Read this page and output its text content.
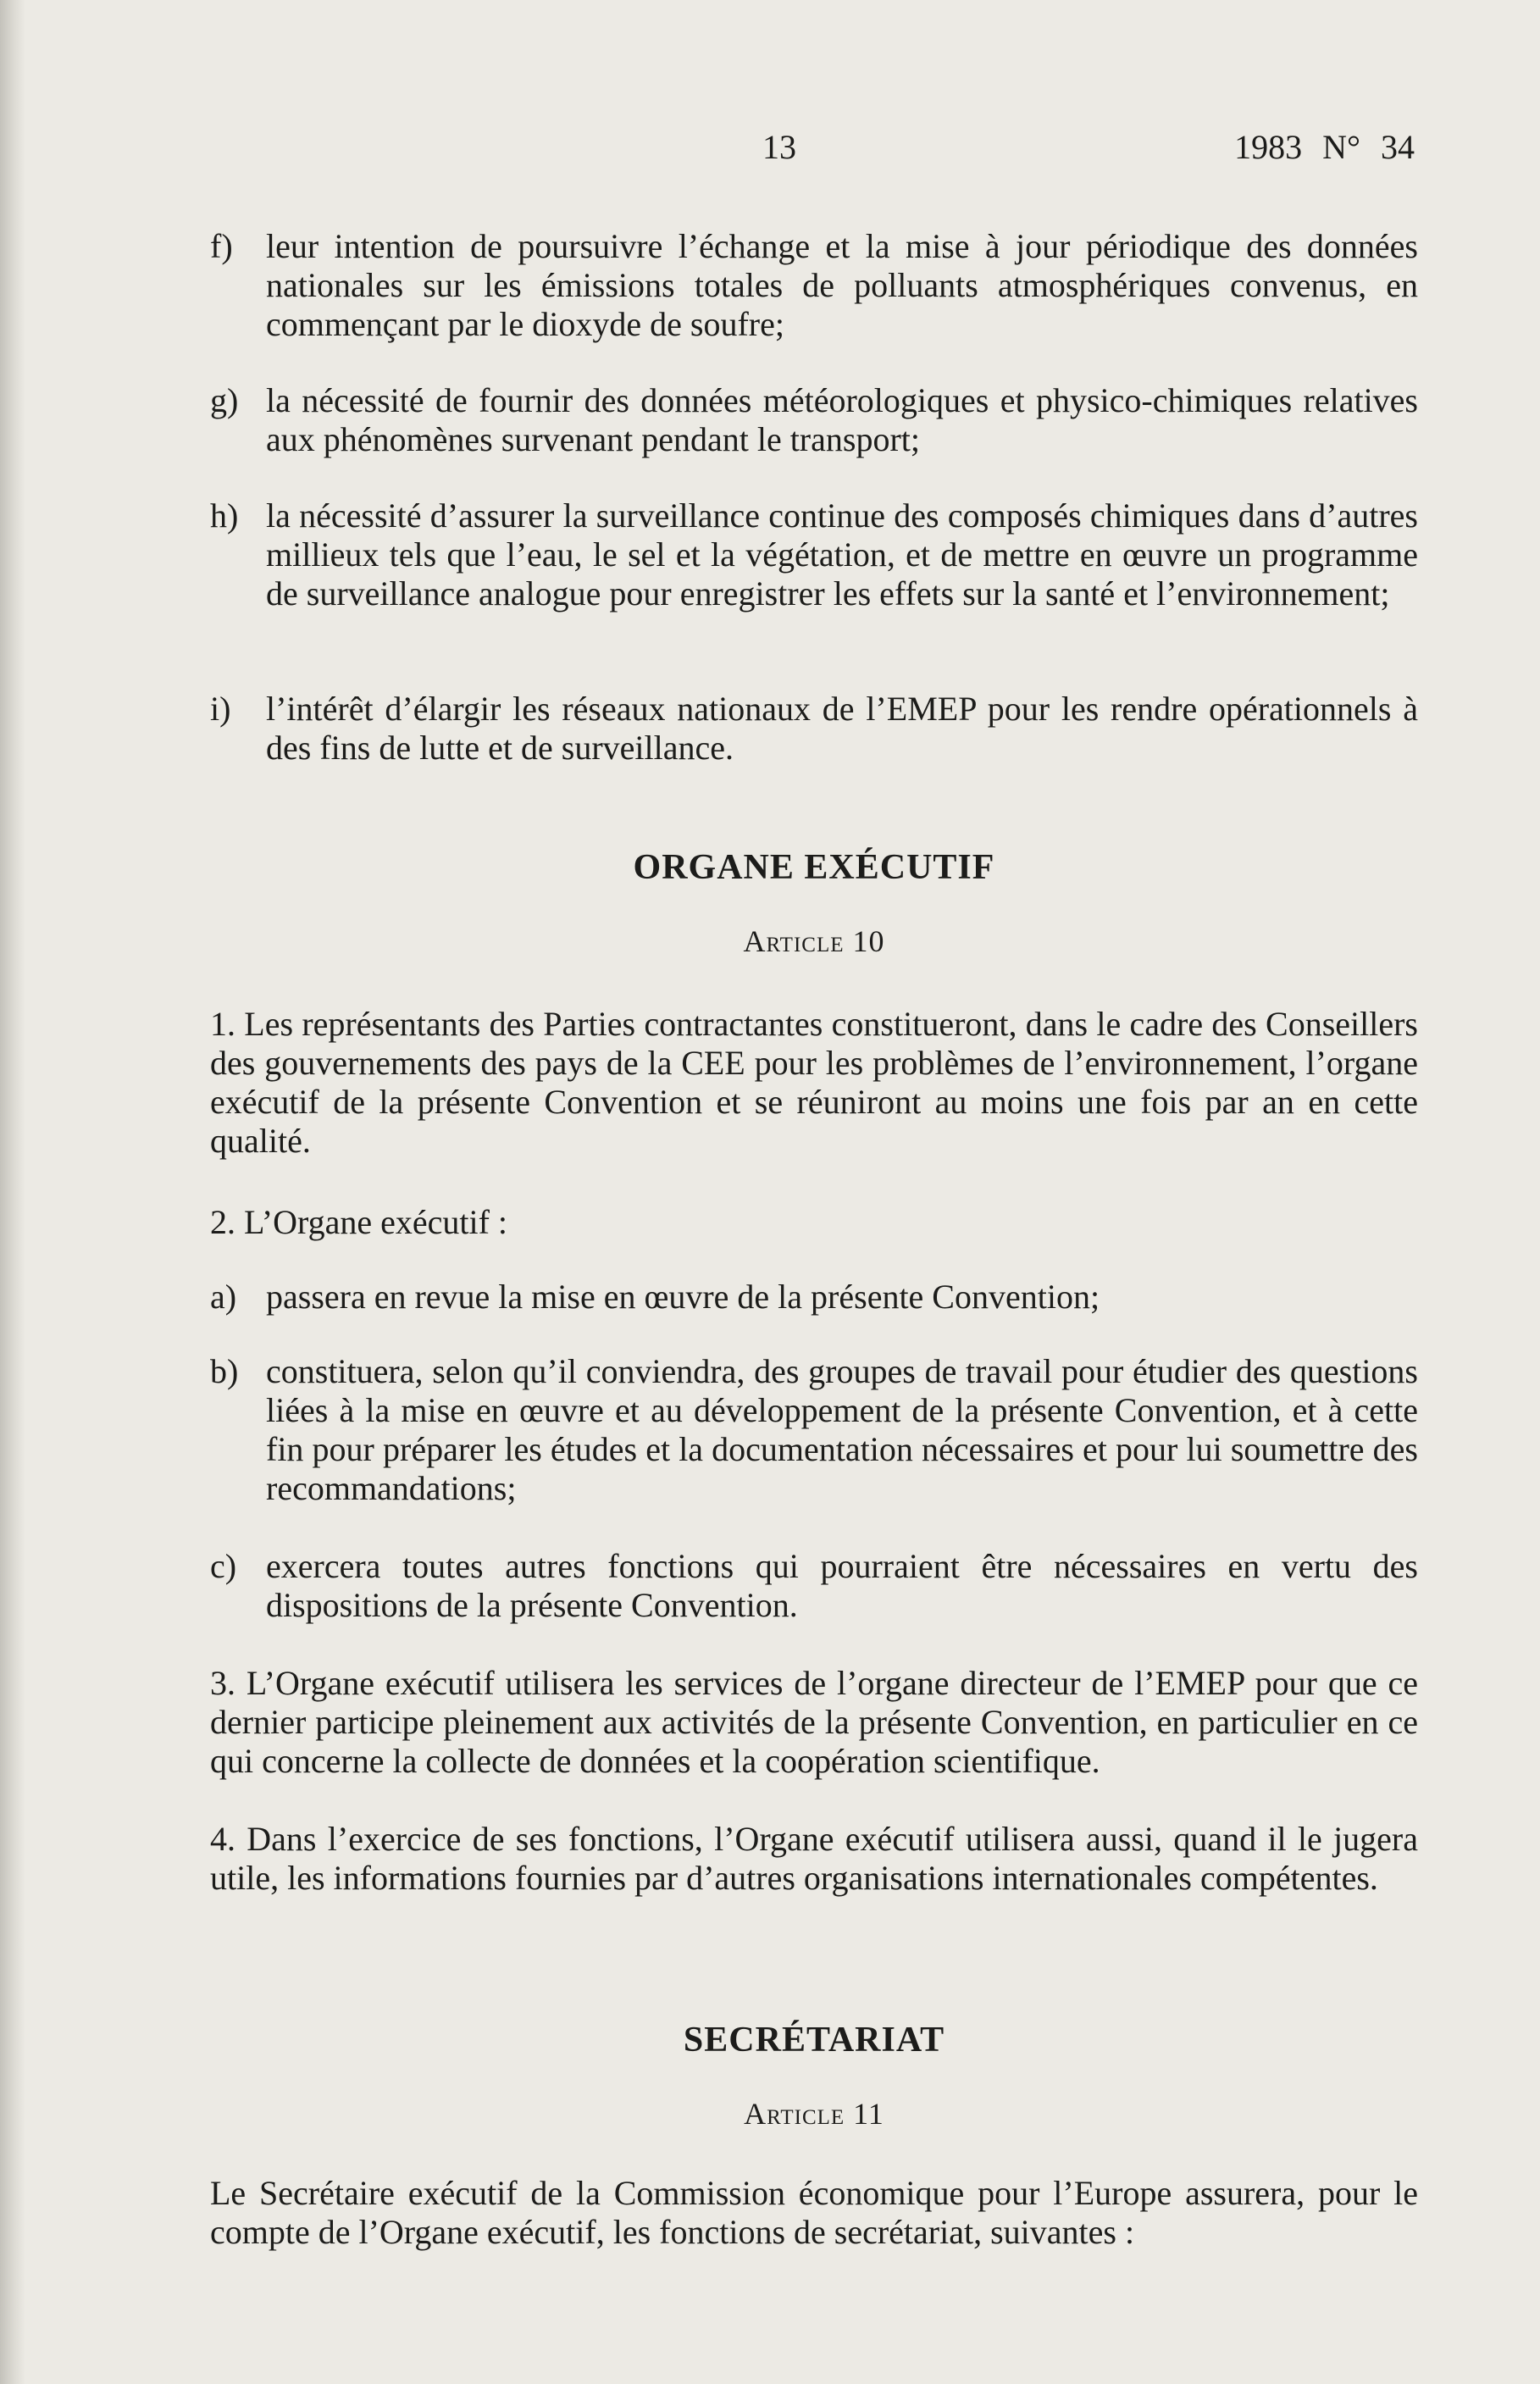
13	1983 N° 34
f) leur intention de poursuivre l’échange et la mise à jour périodique des données nationales sur les émissions totales de polluants atmosphériques convenus, en commençant par le dioxyde de soufre;
g) la nécessité de fournir des données météorologiques et physico-chimiques relatives aux phénomènes survenant pendant le transport;
h) la nécessité d’assurer la surveillance continue des composés chimiques dans d’autres millieux tels que l’eau, le sel et la végétation, et de mettre en œuvre un programme de surveillance analogue pour enregistrer les effets sur la santé et l’environnement;
i)	l’intérêt d’élargir les réseaux nationaux de l’EMEP pour les rendre opérationnels à des fins de lutte et de surveillance.
ORGANE EXÉCUTIF
Article 10

1. Les représentants des Parties contractantes constitueront, dans le cadre des Conseillers des gouvernements des pays de la CEE pour les problèmes de l’environnement, l’organe exécutif de la présente Convention et se réuniront au moins une fois par an en cette qualité.

2. L’Organe exécutif :

a) passera en revue la mise en œuvre de la présente Convention;
b) constituera, selon qu’il conviendra, des groupes de travail pour étudier des questions liées à la mise en œuvre et au développement de la présente Convention, et à cette fin pour préparer les études et la documentation nécessaires et pour lui soumettre des recommandations;
c) exercera toutes autres fonctions qui pourraient être nécessaires en vertu des dispositions de la présente Convention.

3. L’Organe exécutif utilisera les services de l’organe directeur de l’EMEP pour que ce dernier participe pleinement aux activités de la présente Convention, en particulier en ce qui concerne la collecte de données et la coopération scientifique.

4. Dans l’exercice de ses fonctions, l’Organe exécutif utilisera aussi, quand il le jugera utile, les informations fournies par d’autres organisations internationales compétentes.

SECRÉTARIAT
Article 11

Le Secrétaire exécutif de la Commission économique pour l’Europe assurera, pour le compte de l’Organe exécutif, les fonctions de secrétariat, suivantes :
